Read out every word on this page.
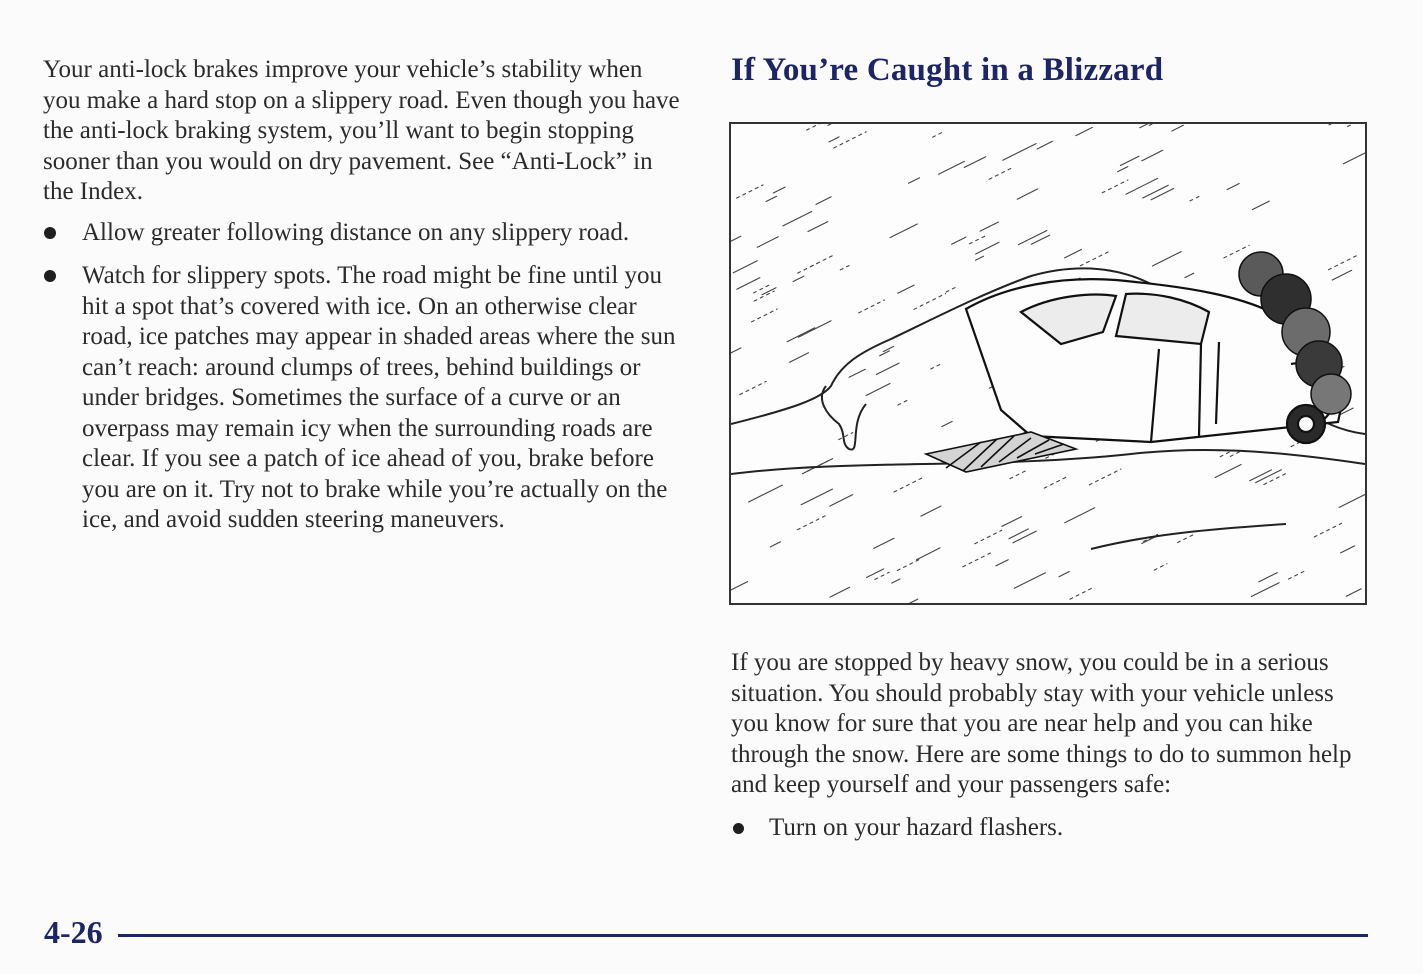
Your anti-lock brakes improve your vehicle’s stability when you make a hard stop on a slippery road. Even though you have the anti-lock braking system, you’ll want to begin stopping sooner than you would on dry pavement. See “Anti-Lock” in the Index.

Allow greater following distance on any slippery road.
Watch for slippery spots. The road might be fine until you hit a spot that’s covered with ice. On an otherwise clear road, ice patches may appear in shaded areas where the sun can’t reach: around clumps of trees, behind buildings or under bridges. Sometimes the surface of a curve or an overpass may remain icy when the surrounding roads are clear. If you see a patch of ice ahead of you, brake before you are on it. Try not to brake while you’re actually on the ice, and avoid sudden steering maneuvers.
If You’re Caught in a Blizzard

If you are stopped by heavy snow, you could be in a serious situation. You should probably stay with your vehicle unless you know for sure that you are near help and you can hike through the snow. Here are some things to do to summon help and keep yourself and your passengers safe:

Turn on your hazard flashers.
4-26
